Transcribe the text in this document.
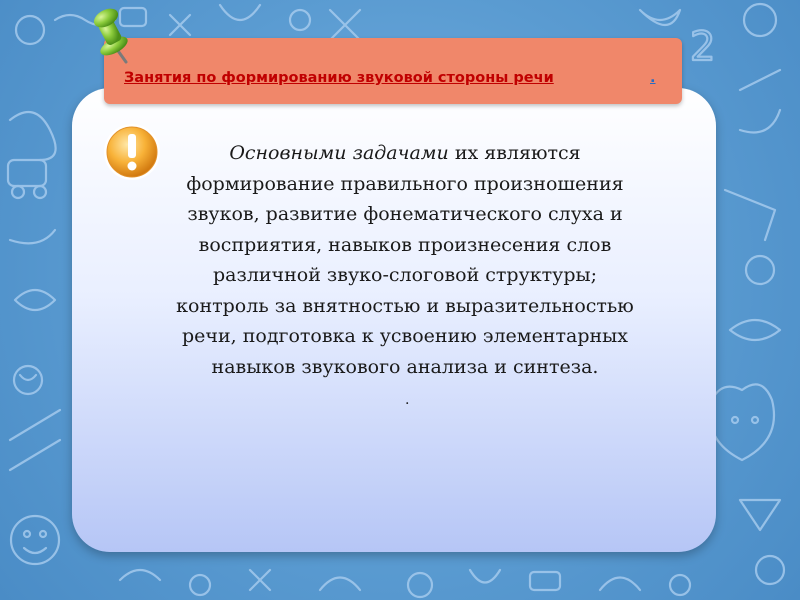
2
Занятия по формированию звуковой стороны речи	.
Основными задачами их являются
формирование правильного произношения
звуков, развитие фонематического слуха и
восприятия, навыков произнесения слов
различной звуко-слоговой структуры;
контроль за внятностью и выразительностью
речи, подготовка к усвоению элементарных
навыков звукового анализа и синтеза.
.
